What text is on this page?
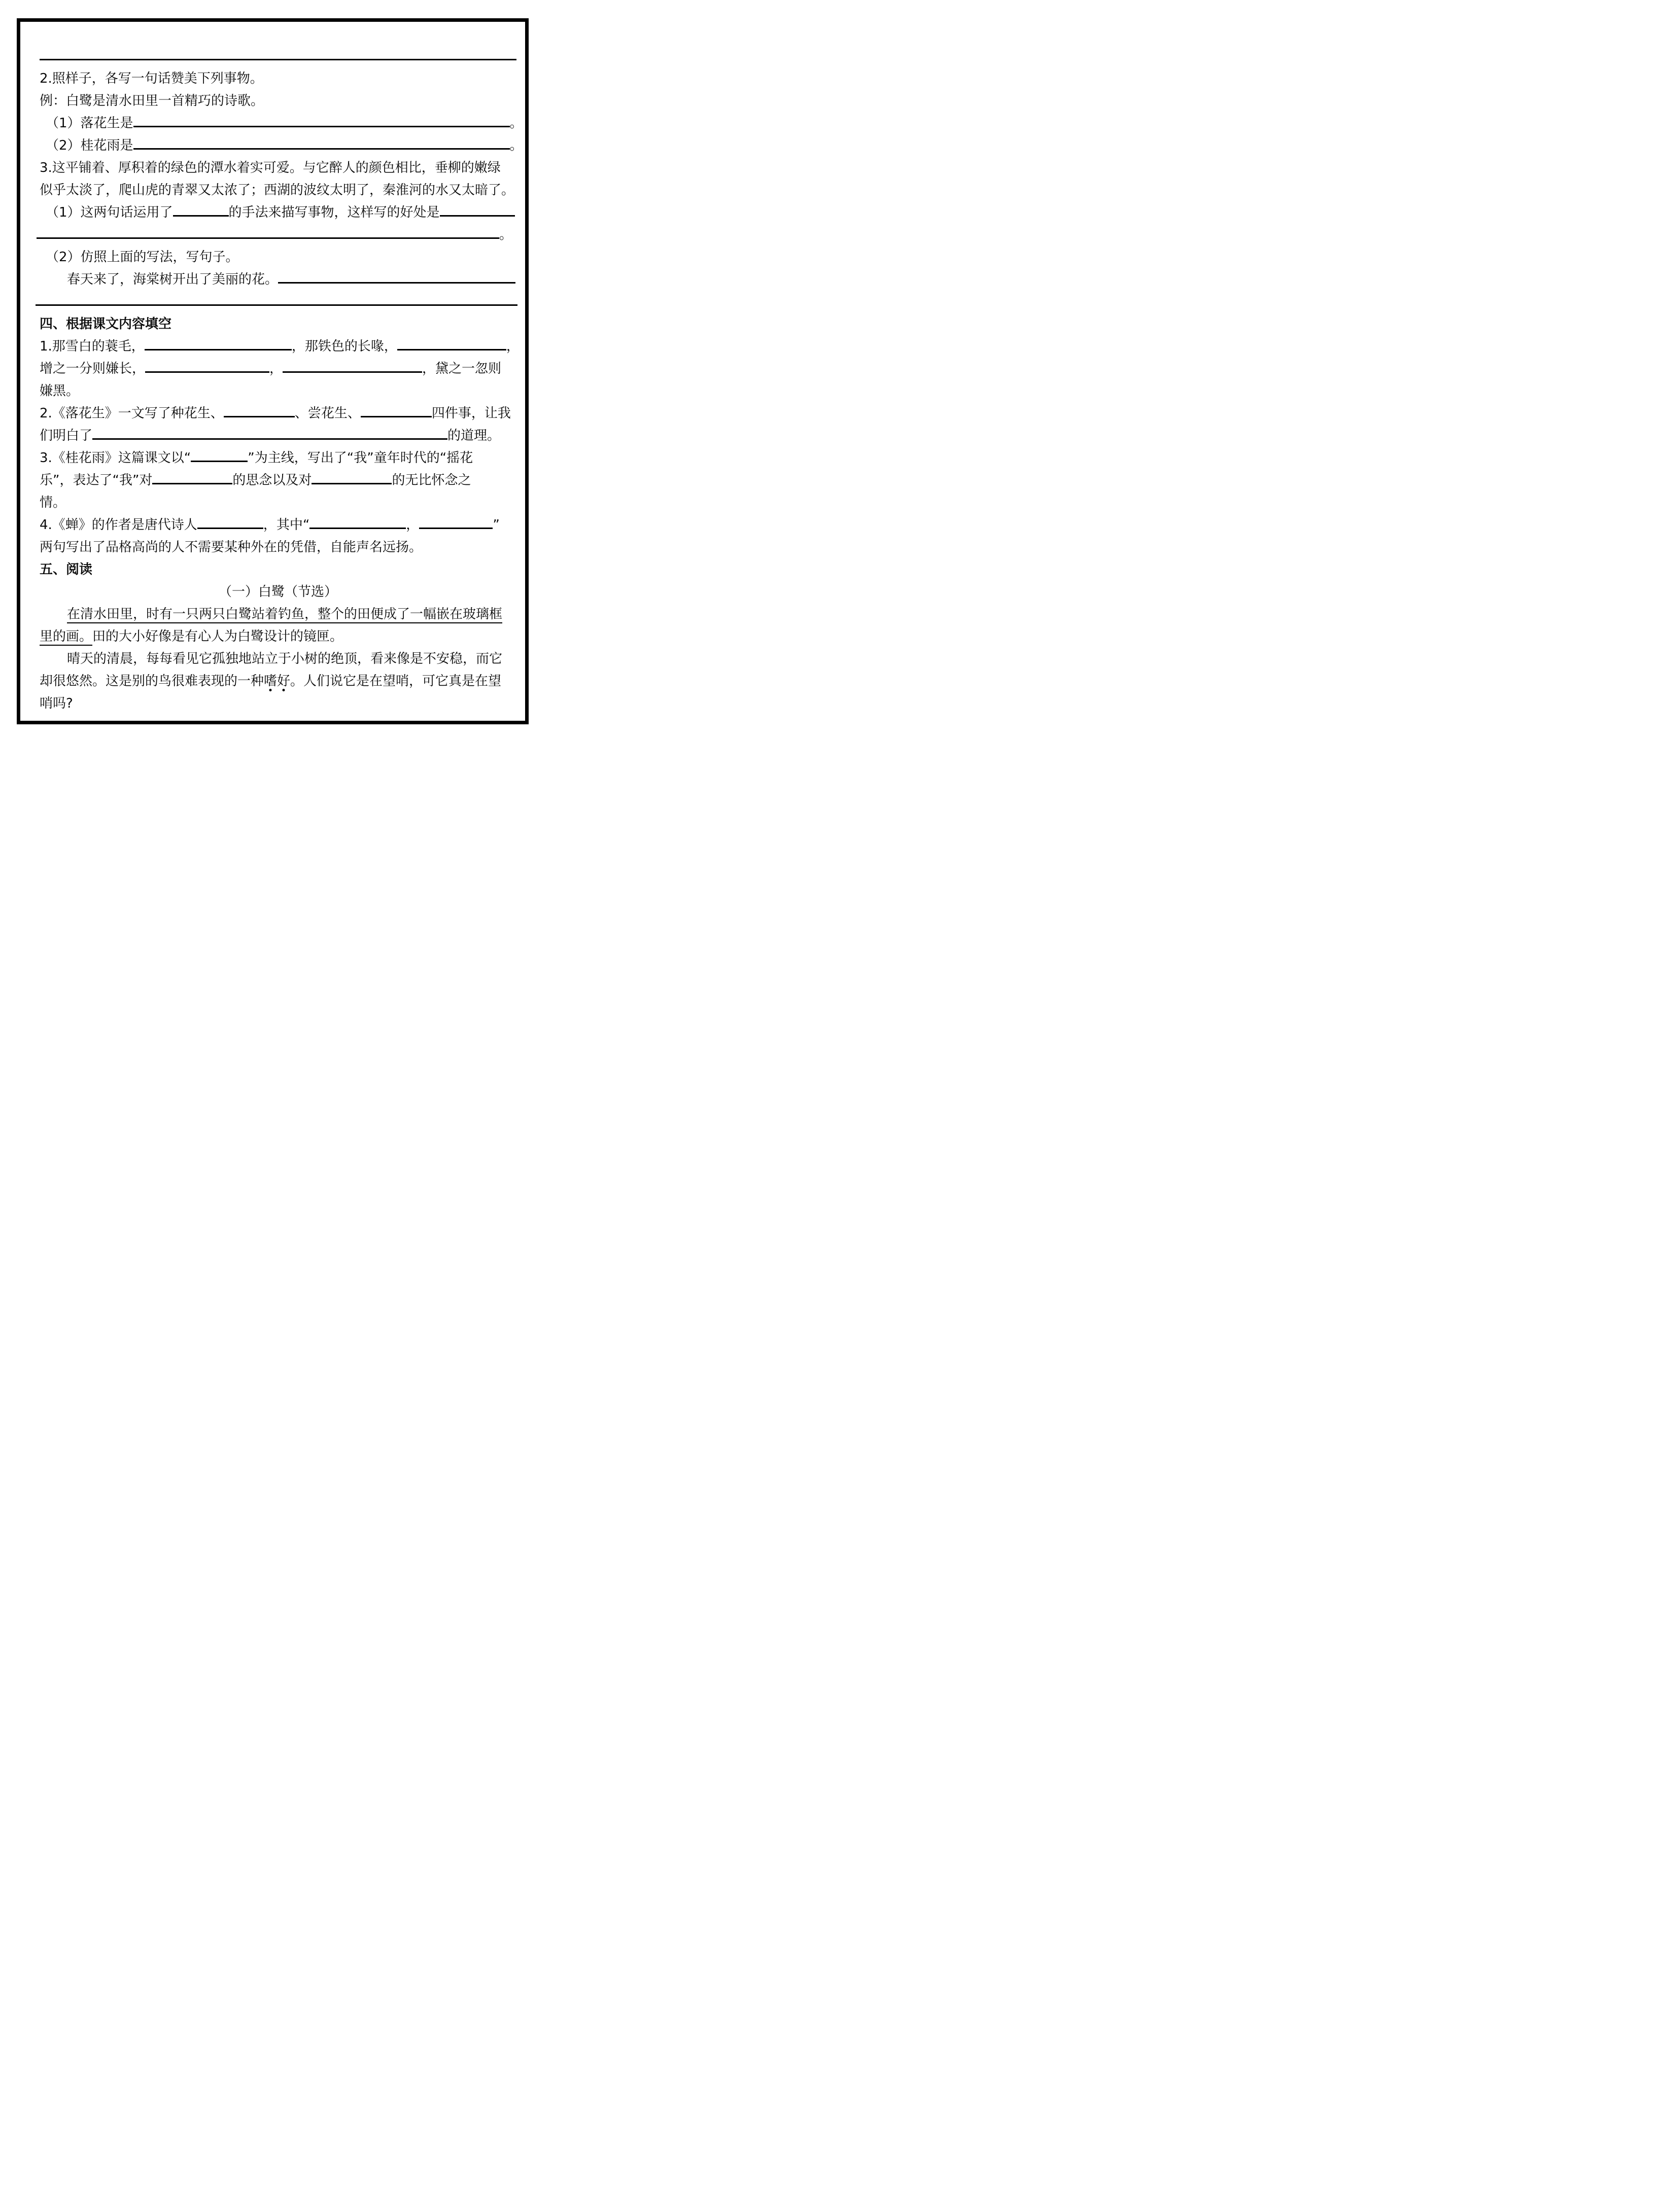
2.照样子，各写一句话赞美下列事物。
例：白鹭是清水田里一首精巧的诗歌。
（1）落花生是	。
（2）桂花雨是	。
3.这平铺着、厚积着的绿色的潭水着实可爱。与它醉人的颜色相比，垂柳的嫩绿
似乎太淡了，爬山虎的青翠又太浓了；西湖的波纹太明了，秦淮河的水又太暗了。
（1）这两句话运用了	的手法来描写事物，这样写的好处是
。
（2）仿照上面的写法，写句子。
春天来了，海棠树开出了美丽的花。
四、根据课文内容填空
1.那雪白的蓑毛，	，那铁色的长喙，	，
增之一分则嫌长，	，	，黛之一忽则
嫌黑。
2.《落花生》一文写了种花生、	、尝花生、	四件事，让我
们明白了	的道理。
3.《桂花雨》这篇课文以“	”为主线，写出了“我”童年时代的“摇花
乐”，表达了“我”对	的思念以及对	的无比怀念之
情。
4.《蝉》的作者是唐代诗人	，其中“	，	”
两句写出了品格高尚的人不需要某种外在的凭借，自能声名远扬。
五、阅读
（一）白鹭（节选）
在清水田里，时有一只两只白鹭站着钓鱼，整个的田便成了一幅嵌在玻璃框
里的画。田的大小好像是有心人为白鹭设计的镜匣。
晴天的清晨，每每看见它孤独地站立于小树的绝顶，看来像是不安稳，而它
却很悠然。这是别的鸟很难表现的一种嗜好。人们说它是在望哨，可它真是在望
哨吗?
